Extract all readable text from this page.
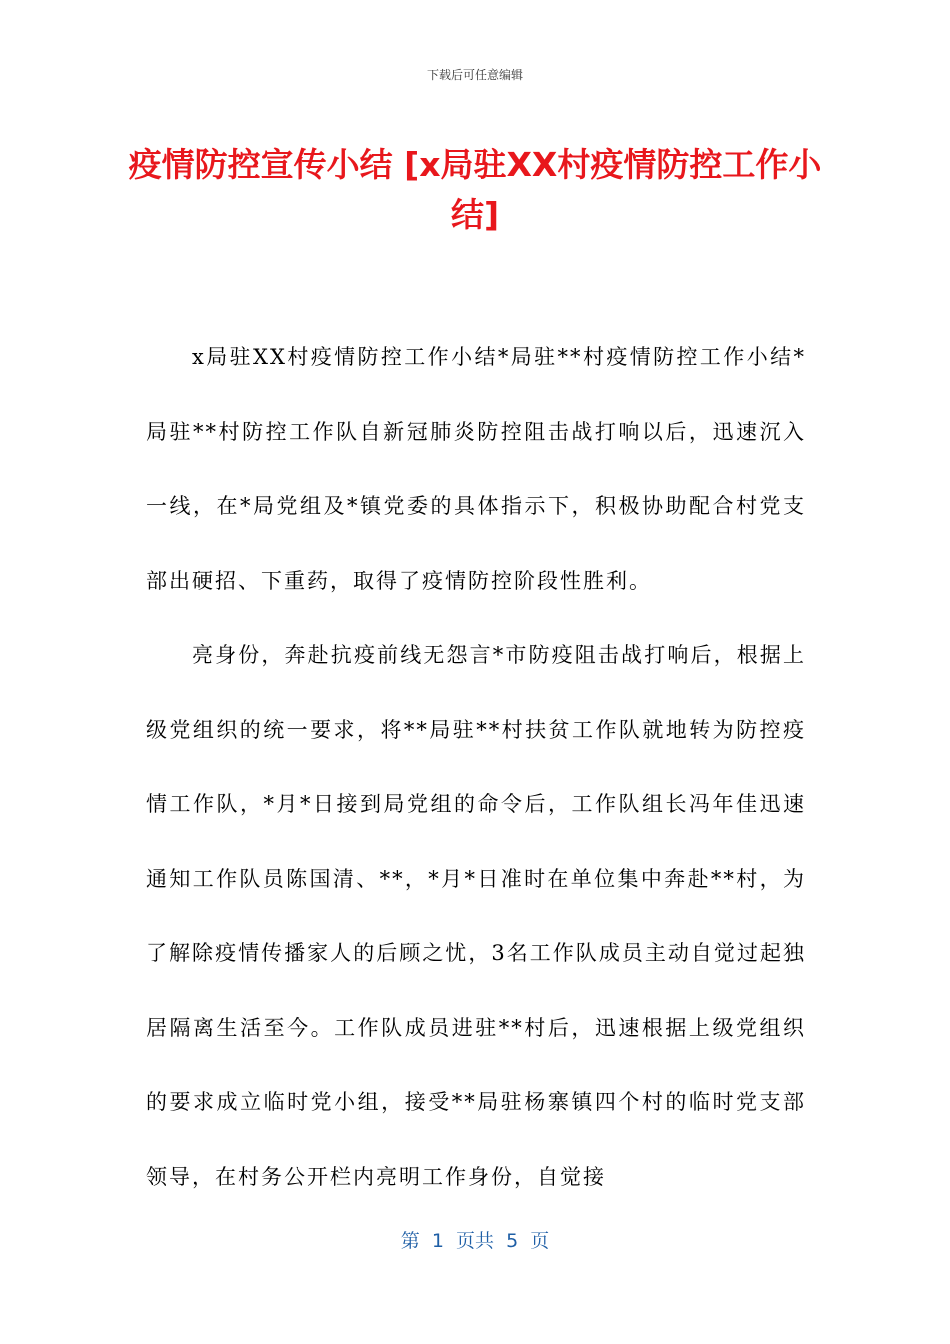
下载后可任意编辑
疫情防控宣传小结 [x局驻XX村疫情防控工作小结]

x局驻XX村疫情防控工作小结*局驻**村疫情防控工作小结*局驻**村防控工作队自新冠肺炎防控阻击战打响以后，迅速沉入一线，在*局党组及*镇党委的具体指示下，积极协助配合村党支部出硬招、下重药，取得了疫情防控阶段性胜利。

亮身份，奔赴抗疫前线无怨言*市防疫阻击战打响后，根据上级党组织的统一要求，将**局驻**村扶贫工作队就地转为防控疫情工作队，*月*日接到局党组的命令后，工作队组长冯年佳迅速通知工作队员陈国清、**，*月*日准时在单位集中奔赴**村，为了解除疫情传播家人的后顾之忧，3名工作队成员主动自觉过起独居隔离生活至今。工作队成员进驻**村后，迅速根据上级党组织的要求成立临时党小组，接受**局驻杨寨镇四个村的临时党支部领导，在村务公开栏内亮明工作身份，自觉接

第  1  页共  5  页
